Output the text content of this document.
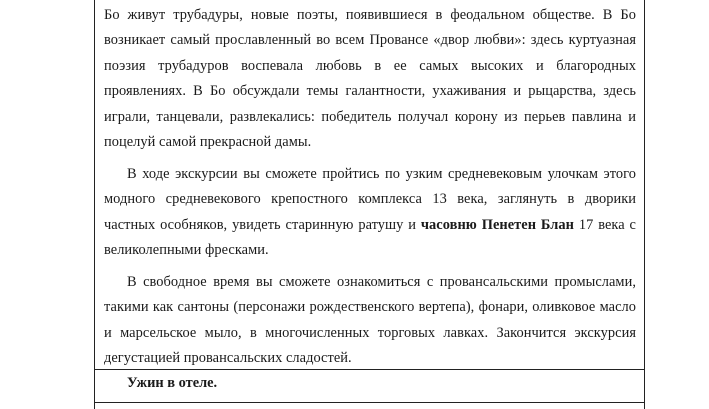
Бо живут трубадуры, новые поэты, появившиеся в феодальном обществе. В Бо возникает самый прославленный во всем Провансе «двор любви»: здесь куртуазная поэзия трубадуров воспевала любовь в ее самых высоких и благородных проявлениях. В Бо обсуждали темы галантности, ухаживания и рыцарства, здесь играли, танцевали, развлекались: победитель получал корону из перьев павлина и поцелуй самой прекрасной дамы.

В ходе экскурсии вы сможете пройтись по узким средневековым улочкам этого модного средневекового крепостного комплекса 13 века, заглянуть в дворики частных особняков, увидеть старинную ратушу и часовню Пенетен Блан 17 века с великолепными фресками.

В свободное время вы сможете ознакомиться с провансальскими промыслами, такими как сантоны (персонажи рождественского вертепа), фонари, оливковое масло и марсельское мыло, в многочисленных торговых лавках. Закончится экскурсия дегустацией провансальских сладостей.

Ужин в отеле.
